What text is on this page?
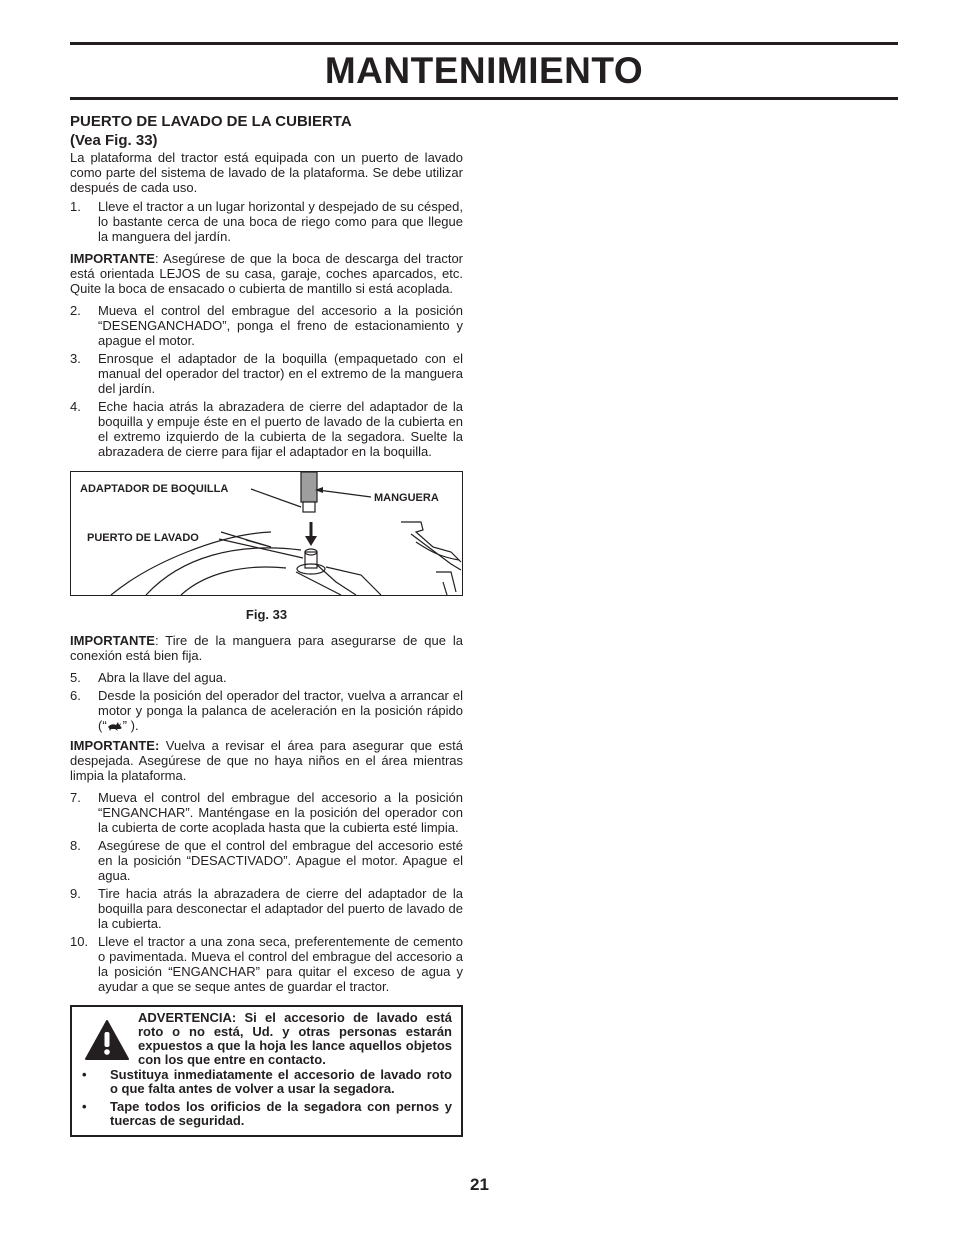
MANTENIMIENTO
PUERTO DE LAVADO DE LA CUBIERTA
(Vea Fig. 33)

La plataforma del tractor está equipada con un puerto de lavado como parte del sistema de lavado de la plataforma. Se debe utilizar después de cada uso.

1. Lleve el tractor a un lugar horizontal y despejado de su césped, lo bastante cerca de una boca de riego como para que llegue la manguera del jardín.

IMPORTANTE: Asegúrese de que la boca de descarga del tractor está orientada LEJOS de su casa, garaje, coches aparcados, etc. Quite la boca de ensacado o cubierta de mantillo si está acoplada.

2. Mueva el control del embrague del accesorio a la posición “DESENGANCHADO”, ponga el freno de estacionamiento y apague el motor.
3. Enrosque el adaptador de la boquilla (empaquetado con el manual del operador del tractor) en el extremo de la manguera del jardín.
4. Eche hacia atrás la abrazadera de cierre del adaptador de la boquilla y empuje éste en el puerto de lavado de la cubierta en el extremo izquierdo de la cubierta de la segadora. Suelte la abrazadera de cierre para fijar el adaptador en la boquilla.
ADAPTADOR DE BOQUILLA
MANGUERA
PUERTO DE LAVADO
Fig. 33

IMPORTANTE: Tire de la manguera para asegurarse de que la conexión está bien fija.

5. Abra la llave del agua.
6. Desde la posición del operador del tractor, vuelva a arrancar el motor y ponga la palanca de aceleración en la posición rápido (“ ” ).

IMPORTANTE: Vuelva a revisar el área para asegurar que está despejada. Asegúrese de que no haya niños en el área mientras limpia la plataforma.

7. Mueva el control del embrague del accesorio a la posición “ENGANCHAR”. Manténgase en la posición del operador con la cubierta de corte acoplada hasta que la cubierta esté limpia.
8. Asegúrese de que el control del embrague del accesorio esté en la posición “DESACTIVADO”. Apague el motor. Apague el agua.
9. Tire hacia atrás la abrazadera de cierre del adaptador de la boquilla para desconectar el adaptador del puerto de lavado de la cubierta.
10. Lleve el tractor a una zona seca, preferentemente de cemento o pavimentada. Mueva el control del embrague del accesorio a la posición “ENGANCHAR” para quitar el exceso de agua y ayudar a que se seque antes de guardar el tractor.
ADVERTENCIA: Si el accesorio de lavado está roto o no está, Ud. y otras personas estarán expuestos a que la hoja les lance aquellos objetos con los que entre en contacto.
• Sustituya inmediatamente el accesorio de lavado roto o que falta antes de volver a usar la segadora.
• Tape todos los orificios de la segadora con pernos y tuercas de seguridad.
21
